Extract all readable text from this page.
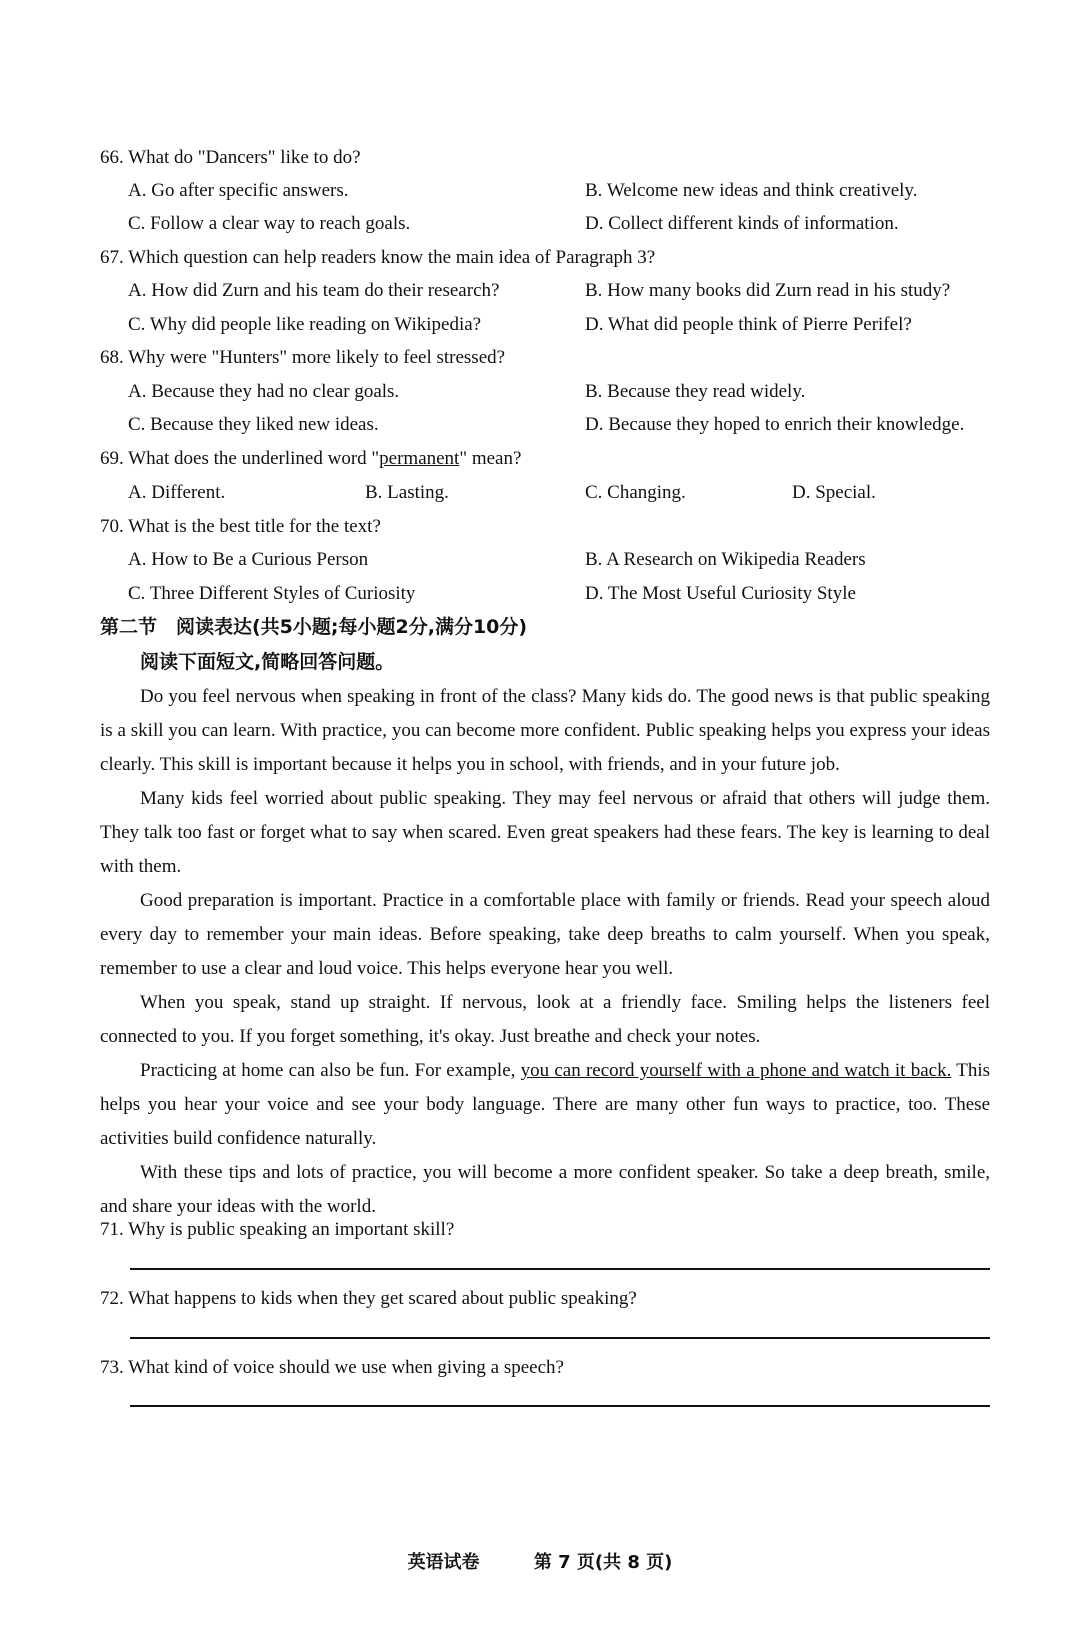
66. What do "Dancers" like to do?
A. Go after specific answers.	B. Welcome new ideas and think creatively.
C. Follow a clear way to reach goals.	D. Collect different kinds of information.
67. Which question can help readers know the main idea of Paragraph 3?
A. How did Zurn and his team do their research?	B. How many books did Zurn read in his study?
C. Why did people like reading on Wikipedia?	D. What did people think of Pierre Perifel?
68. Why were "Hunters" more likely to feel stressed?
A. Because they had no clear goals.	B. Because they read widely.
C. Because they liked new ideas.	D. Because they hoped to enrich their knowledge.
69. What does the underlined word "permanent" mean?
A. Different.	B. Lasting.	C. Changing.	D. Special.
70. What is the best title for the text?
A. How to Be a Curious Person	B. A Research on Wikipedia Readers
C. Three Different Styles of Curiosity	D. The Most Useful Curiosity Style
第二节　阅读表达(共5小题;每小题2分,满分10分)
阅读下面短文,简略回答问题。

Do you feel nervous when speaking in front of the class? Many kids do. The good news is that public speaking is a skill you can learn. With practice, you can become more confident. Public speaking helps you express your ideas clearly. This skill is important because it helps you in school, with friends, and in your future job.

Many kids feel worried about public speaking. They may feel nervous or afraid that others will judge them. They talk too fast or forget what to say when scared. Even great speakers had these fears. The key is learning to deal with them.

Good preparation is important. Practice in a comfortable place with family or friends. Read your speech aloud every day to remember your main ideas. Before speaking, take deep breaths to calm yourself. When you speak, remember to use a clear and loud voice. This helps everyone hear you well.

When you speak, stand up straight. If nervous, look at a friendly face. Smiling helps the listeners feel connected to you. If you forget something, it's okay. Just breathe and check your notes.

Practicing at home can also be fun. For example, you can record yourself with a phone and watch it back. This helps you hear your voice and see your body language. There are many other fun ways to practice, too. These activities build confidence naturally.

With these tips and lots of practice, you will become a more confident speaker. So take a deep breath, smile, and share your ideas with the world.

71. Why is public speaking an important skill?
72. What happens to kids when they get scared about public speaking?
73. What kind of voice should we use when giving a speech?
英语试卷	第 7 页(共 8 页)
